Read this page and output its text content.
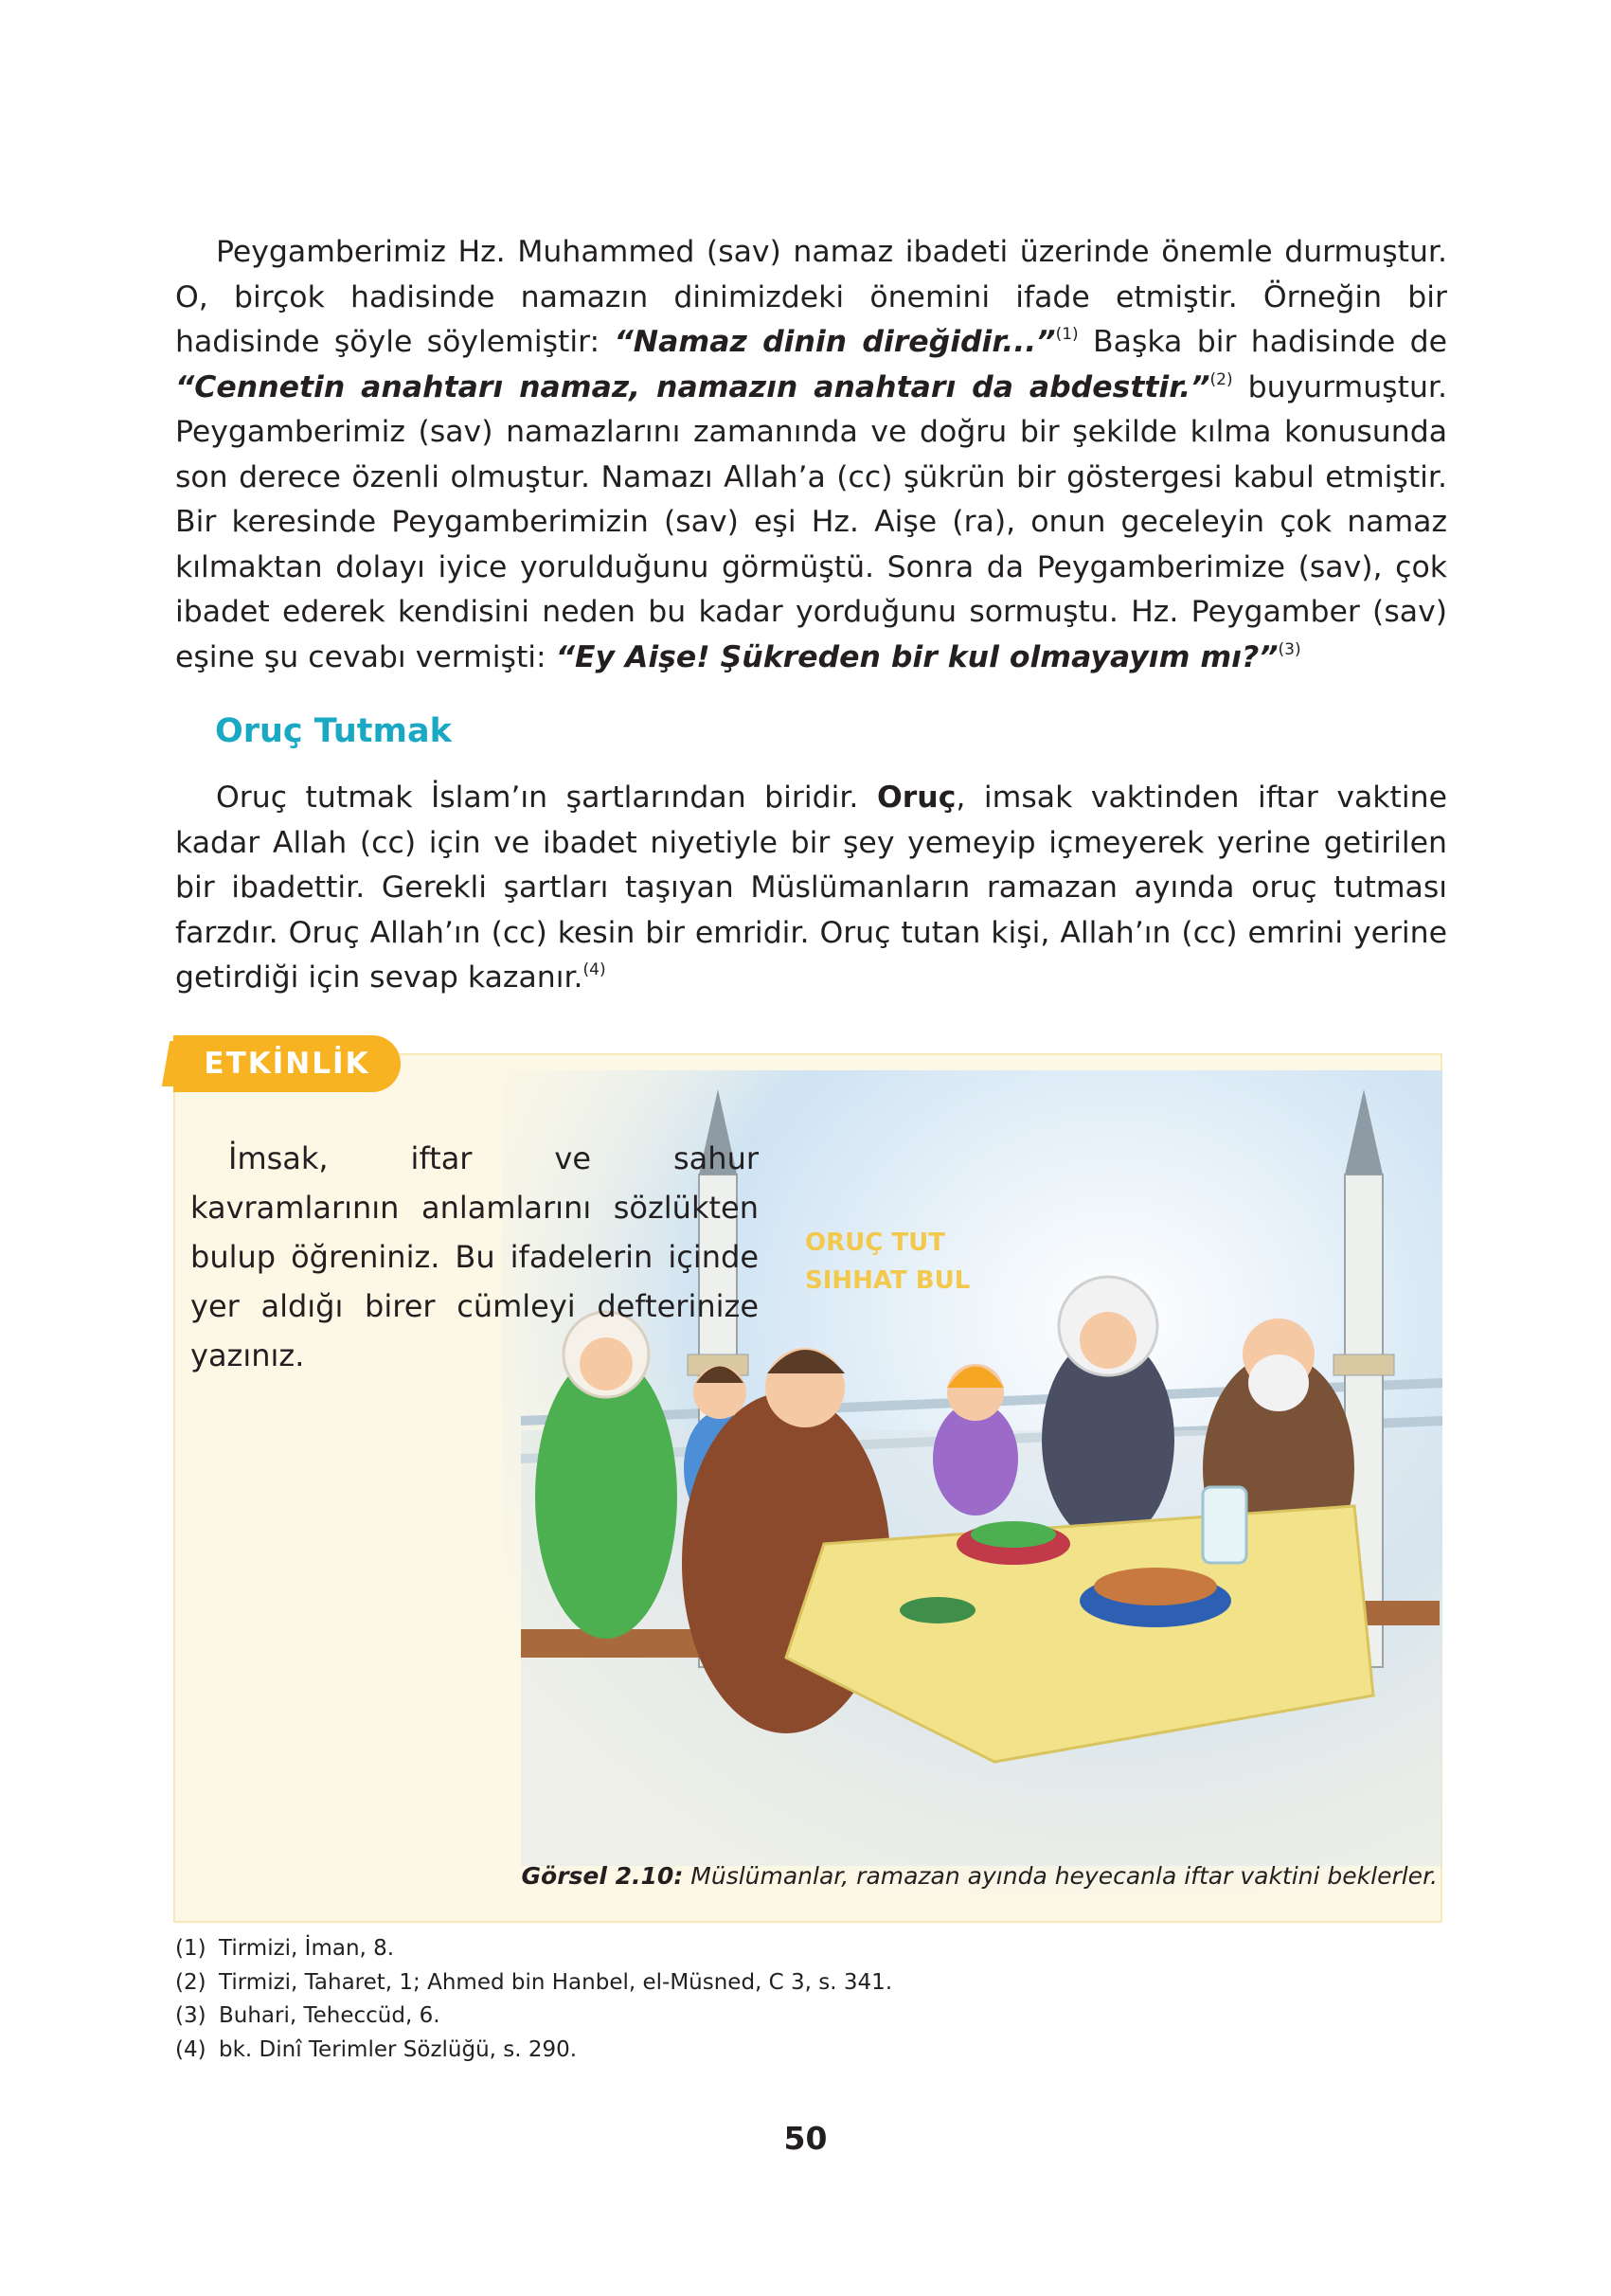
Peygamberimiz Hz. Muhammed (sav) namaz ibadeti üzerinde önemle durmuştur. O, birçok hadisinde namazın dinimizdeki önemini ifade etmiştir. Örneğin bir hadisinde şöyle söylemiştir: “Namaz dinin direğidir...”$^{(1)}$ Başka bir hadisinde de “Cennetin anahtarı namaz, namazın anahtarı da abdesttir.”$^{(2)}$ buyurmuştur. Peygamberimiz (sav) namazlarını zamanında ve doğru bir şekilde kılma konusunda son derece özenli olmuştur. Namazı Allah’a (cc) şükrün bir göstergesi kabul etmiştir. Bir keresinde Peygamberimizin (sav) eşi Hz. Aişe (ra), onun geceleyin çok namaz kılmaktan dolayı iyice yorulduğunu görmüştü. Sonra da Peygamberimize (sav), çok ibadet ederek kendisini neden bu kadar yorduğunu sormuştu. Hz. Peygamber (sav) eşine şu cevabı vermişti: “Ey Aişe! Şükreden bir kul olmayayım mı?”$^{(3)}$

Oruç Tutmak

Oruç tutmak İslam’ın şartlarından biridir. Oruç, imsak vaktinden iftar vaktine kadar Allah (cc) için ve ibadet niyetiyle bir şey yemeyip içmeyerek yerine getirilen bir ibadettir. Gerekli şartları taşıyan Müslümanların ramazan ayında oruç tutması farzdır. Oruç Allah’ın (cc) kesin bir emridir. Oruç tutan kişi, Allah’ın (cc) emrini yerine getirdiği için sevap kazanır.$^{(4)}$

ORUÇ TUT
SIHHAT BUL
ETKİNLİK

İmsak, iftar ve sahur kavramlarının anlamlarını sözlükten bulup öğreniniz. Bu ifadelerin içinde yer aldığı birer cümleyi defterinize yazınız.

Görsel 2.10: Müslümanlar, ramazan ayında heyecanla iftar vaktini beklerler.
(1) Tirmizi, İman, 8.
(2) Tirmizi, Taharet, 1; Ahmed bin Hanbel, el-Müsned, C 3, s. 341.
(3) Buhari, Teheccüd, 6.
(4) bk. Dinî Terimler Sözlüğü, s. 290.
50
